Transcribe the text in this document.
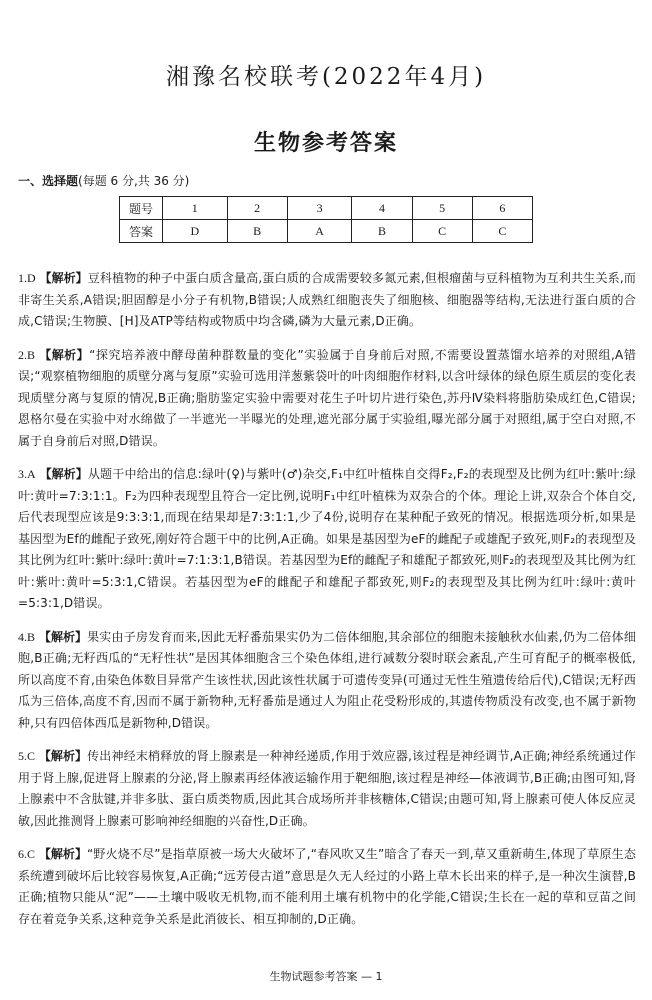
湘豫名校联考(2022年4月)
生物参考答案
一、选择题(每题 6 分,共 36 分)
题号	1	2	3	4	5	6
答案	D	B	A	B	C	C

1.D 【解析】豆科植物的种子中蛋白质含量高,蛋白质的合成需要较多氮元素,但根瘤菌与豆科植物为互利共生关系,而非寄生关系,A错误;胆固醇是小分子有机物,B错误;人成熟红细胞丧失了细胞核、细胞器等结构,无法进行蛋白质的合成,C错误;生物膜、[H]及ATP等结构或物质中均含磷,磷为大量元素,D正确。

2.B 【解析】“探究培养液中酵母菌种群数量的变化”实验属于自身前后对照,不需要设置蒸馏水培养的对照组,A错误;“观察植物细胞的质壁分离与复原”实验可选用洋葱紫袋叶的叶肉细胞作材料,以含叶绿体的绿色原生质层的变化表现质壁分离与复原的情况,B正确;脂肪鉴定实验中需要对花生子叶切片进行染色,苏丹Ⅳ染料将脂肪染成红色,C错误;恩格尔曼在实验中对水绵做了一半遮光一半曝光的处理,遮光部分属于实验组,曝光部分属于对照组,属于空白对照,不属于自身前后对照,D错误。

3.A 【解析】从题干中给出的信息:绿叶(♀)与紫叶(♂)杂交,F₁中红叶植株自交得F₂,F₂的表现型及比例为红叶:紫叶:绿叶:黄叶=7:3:1:1。F₂为四种表现型且符合一定比例,说明F₁中红叶植株为双杂合的个体。理论上讲,双杂合个体自交,后代表现型应该是9:3:3:1,而现在结果却是7:3:1:1,少了4份,说明存在某种配子致死的情况。根据选项分析,如果是基因型为Ef的雌配子致死,刚好符合题干中的比例,A正确。如果是基因型为eF的雌配子或雄配子致死,则F₂的表现型及其比例为红叶:紫叶:绿叶:黄叶=7:1:3:1,B错误。若基因型为Ef的雌配子和雄配子都致死,则F₂的表现型及其比例为红叶:紫叶:黄叶=5:3:1,C错误。若基因型为eF的雌配子和雄配子都致死,则F₂的表现型及其比例为红叶:绿叶:黄叶=5:3:1,D错误。

4.B 【解析】果实由子房发育而来,因此无籽番茄果实仍为二倍体细胞,其余部位的细胞未接触秋水仙素,仍为二倍体细胞,B正确;无籽西瓜的“无籽性状”是因其体细胞含三个染色体组,进行减数分裂时联会紊乱,产生可育配子的概率极低,所以高度不育,由染色体数目异常产生该性状,因此该性状属于可遗传变异(可通过无性生殖遗传给后代),C错误;无籽西瓜为三倍体,高度不育,因而不属于新物种,无籽番茄是通过人为阻止花受粉形成的,其遗传物质没有改变,也不属于新物种,只有四倍体西瓜是新物种,D错误。

5.C 【解析】传出神经末梢释放的肾上腺素是一种神经递质,作用于效应器,该过程是神经调节,A正确;神经系统通过作用于肾上腺,促进肾上腺素的分泌,肾上腺素再经体液运输作用于靶细胞,该过程是神经—体液调节,B正确;由图可知,肾上腺素中不含肽键,并非多肽、蛋白质类物质,因此其合成场所并非核糖体,C错误;由题可知,肾上腺素可使人体反应灵敏,因此推测肾上腺素可影响神经细胞的兴奋性,D正确。

6.C 【解析】“野火烧不尽”是指草原被一场大火破坏了,“春风吹又生”暗含了春天一到,草又重新萌生,体现了草原生态系统遭到破坏后比较容易恢复,A正确;“远芳侵古道”意思是久无人经过的小路上草木长出来的样子,是一种次生演替,B正确;植物只能从“泥”——土壤中吸收无机物,而不能利用土壤有机物中的化学能,C错误;生长在一起的草和豆苗之间存在着竞争关系,这种竞争关系是此消彼长、相互抑制的,D正确。

生物试题参考答案 — 1
